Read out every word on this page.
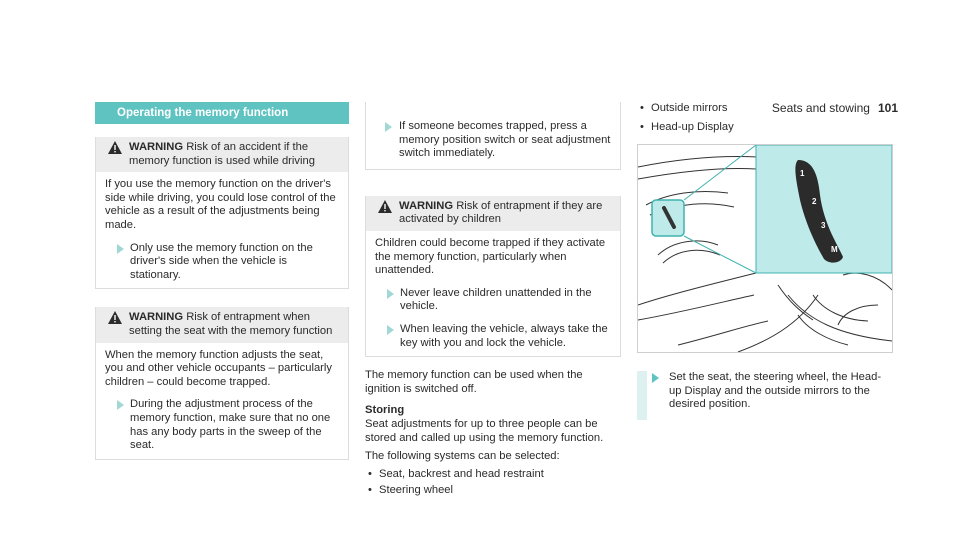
Seats and stowing 101
Operating the memory function
WARNING Risk of an accident if the memory function is used while driving

If you use the memory function on the driver's side while driving, you could lose control of the vehicle as a result of the adjustments being made.

Only use the memory function on the driver's side when the vehicle is stationary.
WARNING Risk of entrapment when setting the seat with the memory function

When the memory function adjusts the seat, you and other vehicle occupants – particularly children – could become trapped.

During the adjustment process of the memory function, make sure that no one has any body parts in the sweep of the seat.
If someone becomes trapped, press a memory position switch or seat adjustment switch immediately.
WARNING Risk of entrapment if they are activated by children

Children could become trapped if they activate the memory function, particularly when unattended.

Never leave children unattended in the vehicle.
When leaving the vehicle, always take the key with you and lock the vehicle.

The memory function can be used when the ignition is switched off.

Storing

Seat adjustments for up to three people can be stored and called up using the memory function.

The following systems can be selected:

• Seat, backrest and head restraint
• Steering wheel
• Outside mirrors
• Head-up Display
1
2
3
M
Set the seat, the steering wheel, the Head-up Display and the outside mirrors to the desired position.
